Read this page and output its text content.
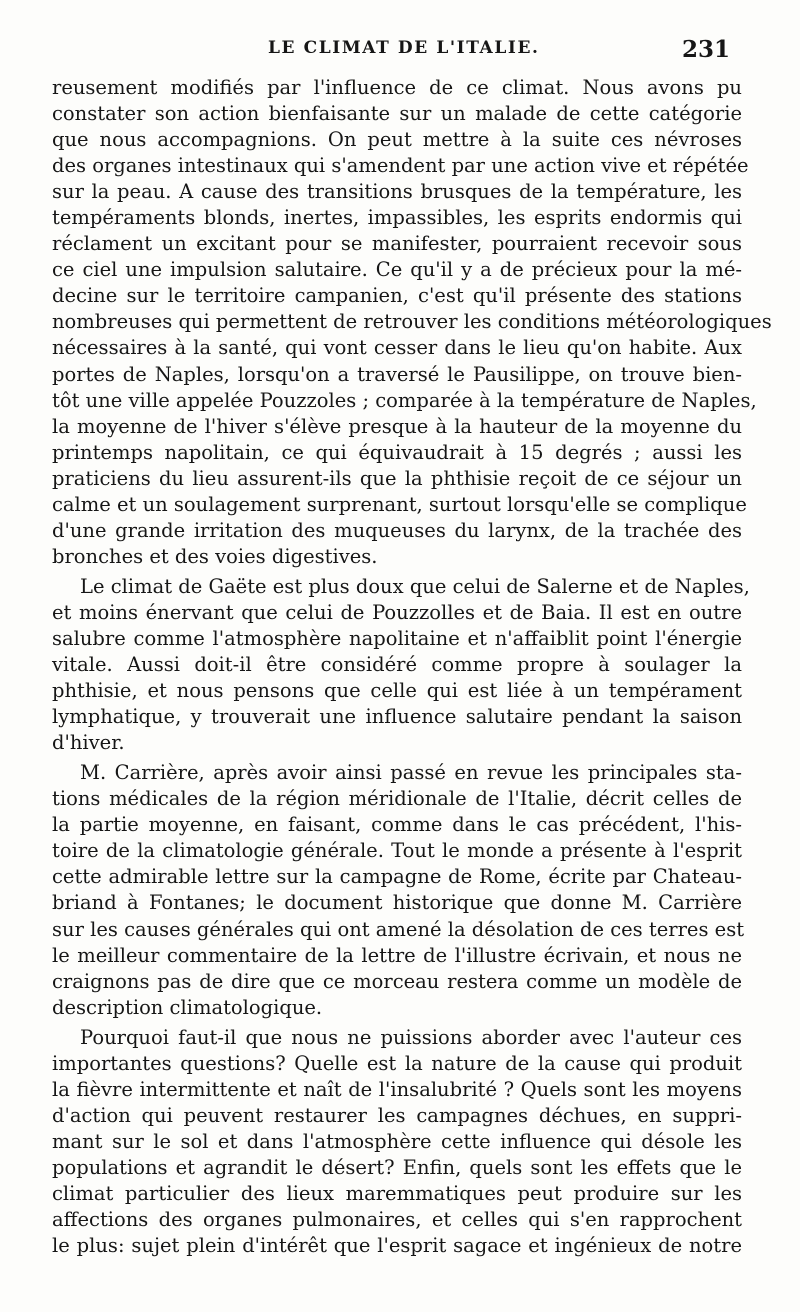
LE CLIMAT DE L'ITALIE.	231
reusement modifiés par l'influence de ce climat. Nous avons pu
constater son action bienfaisante sur un malade de cette catégorie
que nous accompagnions. On peut mettre à la suite ces névroses
des organes intestinaux qui s'amendent par une action vive et répétée
sur la peau. A cause des transitions brusques de la température, les
tempéraments blonds, inertes, impassibles, les esprits endormis qui
réclament un excitant pour se manifester, pourraient recevoir sous
ce ciel une impulsion salutaire. Ce qu'il y a de précieux pour la mé-
decine sur le territoire campanien, c'est qu'il présente des stations
nombreuses qui permettent de retrouver les conditions météorologiques
nécessaires à la santé, qui vont cesser dans le lieu qu'on habite. Aux
portes de Naples, lorsqu'on a traversé le Pausilippe, on trouve bien-
tôt une ville appelée Pouzzoles ; comparée à la température de Naples,
la moyenne de l'hiver s'élève presque à la hauteur de la moyenne du
printemps napolitain, ce qui équivaudrait à 15 degrés ; aussi les
praticiens du lieu assurent-ils que la phthisie reçoit de ce séjour un
calme et un soulagement surprenant, surtout lorsqu'elle se complique
d'une grande irritation des muqueuses du larynx, de la trachée des
bronches et des voies digestives.
Le climat de Gaëte est plus doux que celui de Salerne et de Naples,
et moins énervant que celui de Pouzzolles et de Baia. Il est en outre
salubre comme l'atmosphère napolitaine et n'affaiblit point l'énergie
vitale. Aussi doit-il être considéré comme propre à soulager la
phthisie, et nous pensons que celle qui est liée à un tempérament
lymphatique, y trouverait une influence salutaire pendant la saison
d'hiver.
M. Carrière, après avoir ainsi passé en revue les principales sta-
tions médicales de la région méridionale de l'Italie, décrit celles de
la partie moyenne, en faisant, comme dans le cas précédent, l'his-
toire de la climatologie générale. Tout le monde a présente à l'esprit
cette admirable lettre sur la campagne de Rome, écrite par Chateau-
briand à Fontanes; le document historique que donne M. Carrière
sur les causes générales qui ont amené la désolation de ces terres est
le meilleur commentaire de la lettre de l'illustre écrivain, et nous ne
craignons pas de dire que ce morceau restera comme un modèle de
description climatologique.
Pourquoi faut-il que nous ne puissions aborder avec l'auteur ces
importantes questions? Quelle est la nature de la cause qui produit
la fièvre intermittente et naît de l'insalubrité ? Quels sont les moyens
d'action qui peuvent restaurer les campagnes déchues, en suppri-
mant sur le sol et dans l'atmosphère cette influence qui désole les
populations et agrandit le désert? Enfin, quels sont les effets que le
climat particulier des lieux maremmatiques peut produire sur les
affections des organes pulmonaires, et celles qui s'en rapprochent
le plus: sujet plein d'intérêt que l'esprit sagace et ingénieux de notre
